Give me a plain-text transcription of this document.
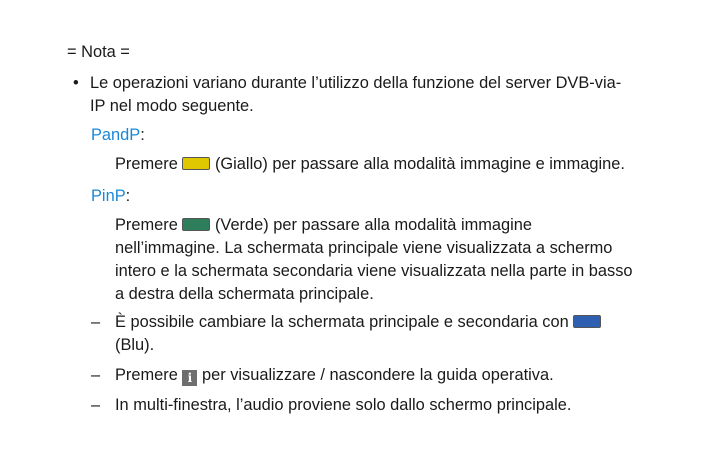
= Nota =
• Le operazioni variano durante l’utilizzo della funzione del server DVB-via-
IP nel modo seguente.
PandP:
Premere  (Giallo) per passare alla modalità immagine e immagine.
PinP:
Premere  (Verde) per passare alla modalità immagine
nell’immagine. La schermata principale viene visualizzata a schermo
intero e la schermata secondaria viene visualizzata nella parte in basso
a destra della schermata principale.
– È possibile cambiare la schermata principale e secondaria con
(Blu).
– Premere i per visualizzare / nascondere la guida operativa.
– In multi-finestra, l’audio proviene solo dallo schermo principale.
